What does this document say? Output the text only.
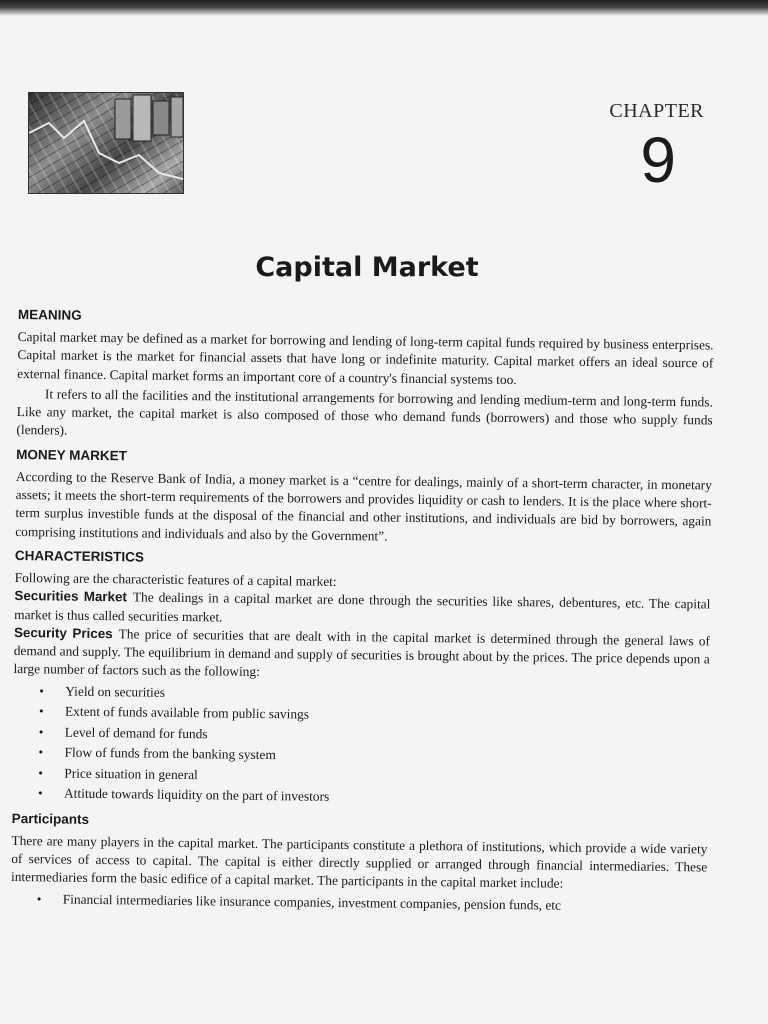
CHAPTER
9
Capital Market
MEANING

Capital market may be defined as a market for borrowing and lending of long-term capital funds required by business enterprises. Capital market is the market for financial assets that have long or indefinite maturity. Capital market offers an ideal source of external finance. Capital market forms an important core of a country's financial systems too.

It refers to all the facilities and the institutional arrangements for borrowing and lending medium-term and long-term funds. Like any market, the capital market is also composed of those who demand funds (borrowers) and those who supply funds (lenders).

MONEY MARKET

According to the Reserve Bank of India, a money market is a “centre for dealings, mainly of a short-term character, in monetary assets; it meets the short-term requirements of the borrowers and provides liquidity or cash to lenders. It is the place where short-term surplus investible funds at the disposal of the financial and other institutions, and individuals are bid by borrowers, again comprising institutions and individuals and also by the Government”.

CHARACTERISTICS

Following are the characteristic features of a capital market:

Securities Market The dealings in a capital market are done through the securities like shares, debentures, etc. The capital market is thus called securities market.

Security Prices The price of securities that are dealt with in the capital market is determined through the general laws of demand and supply. The equilibrium in demand and supply of securities is brought about by the prices. The price depends upon a large number of factors such as the following:

• Yield on securities
• Extent of funds available from public savings
• Level of demand for funds
• Flow of funds from the banking system
• Price situation in general
• Attitude towards liquidity on the part of investors
Participants

There are many players in the capital market. The participants constitute a plethora of institutions, which provide a wide variety of services of access to capital. The capital is either directly supplied or arranged through financial intermediaries. These intermediaries form the basic edifice of a capital market. The participants in the capital market include:

• Financial intermediaries like insurance companies, investment companies, pension funds, etc
